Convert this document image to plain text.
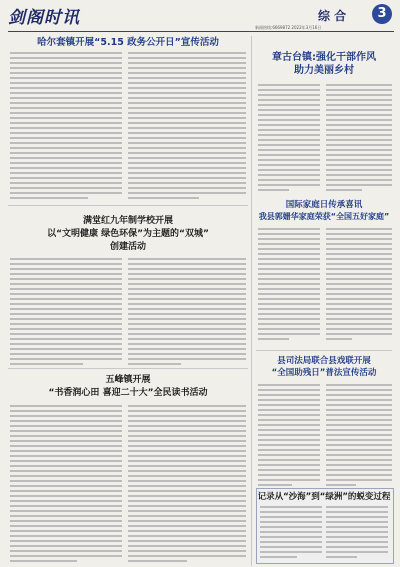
剑阁时讯	综 合	3
新闻热线:6669872 2022年3月16日
哈尔套镇开展“5.15 政务公开日”宣传活动
章古台镇:强化干部作风
助力美丽乡村
国际家庭日传承喜讯
我县郭姗华家庭荣获“全国五好家庭”
满堂红九年制学校开展
以“文明健康 绿色环保”为主题的“双城”
创建活动
五峰镇开展
“书香润心田 喜迎二十大”全民读书活动
县司法局联合县戏联开展
“全国助残日”普法宣传活动
记录从“沙海”到“绿洲”的蜕变过程
